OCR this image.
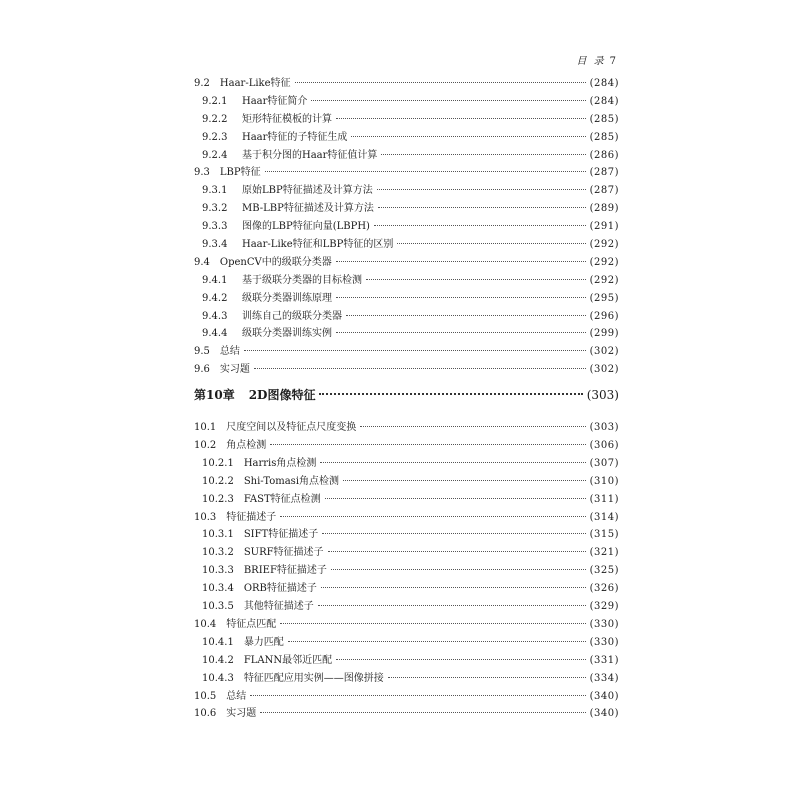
目 录 7
9.2 Haar-Like特征	(284)
9.2.1	Haar特征简介	(284)
9.2.2	矩形特征模板的计算	(285)
9.2.3	Haar特征的子特征生成	(285)
9.2.4	基于积分图的Haar特征值计算	(286)
9.3 LBP特征	(287)
9.3.1	原始LBP特征描述及计算方法	(287)
9.3.2	MB-LBP特征描述及计算方法	(289)
9.3.3	图像的LBP特征向量(LBPH)	(291)
9.3.4	Haar-Like特征和LBP特征的区别	(292)
9.4 OpenCV中的级联分类器	(292)
9.4.1	基于级联分类器的目标检测	(292)
9.4.2	级联分类器训练原理	(295)
9.4.3	训练自己的级联分类器	(296)
9.4.4	级联分类器训练实例	(299)
9.5 总结	(302)
9.6 实习题	(302)
第10章 2D图像特征	(303)
10.1 尺度空间以及特征点尺度变换	(303)
10.2 角点检测	(306)
10.2.1 Harris角点检测	(307)
10.2.2 Shi-Tomasi角点检测	(310)
10.2.3 FAST特征点检测	(311)
10.3 特征描述子	(314)
10.3.1 SIFT特征描述子	(315)
10.3.2 SURF特征描述子	(321)
10.3.3 BRIEF特征描述子	(325)
10.3.4 ORB特征描述子	(326)
10.3.5 其他特征描述子	(329)
10.4 特征点匹配	(330)
10.4.1 暴力匹配	(330)
10.4.2 FLANN最邻近匹配	(331)
10.4.3 特征匹配应用实例——图像拼接	(334)
10.5 总结	(340)
10.6 实习题	(340)
